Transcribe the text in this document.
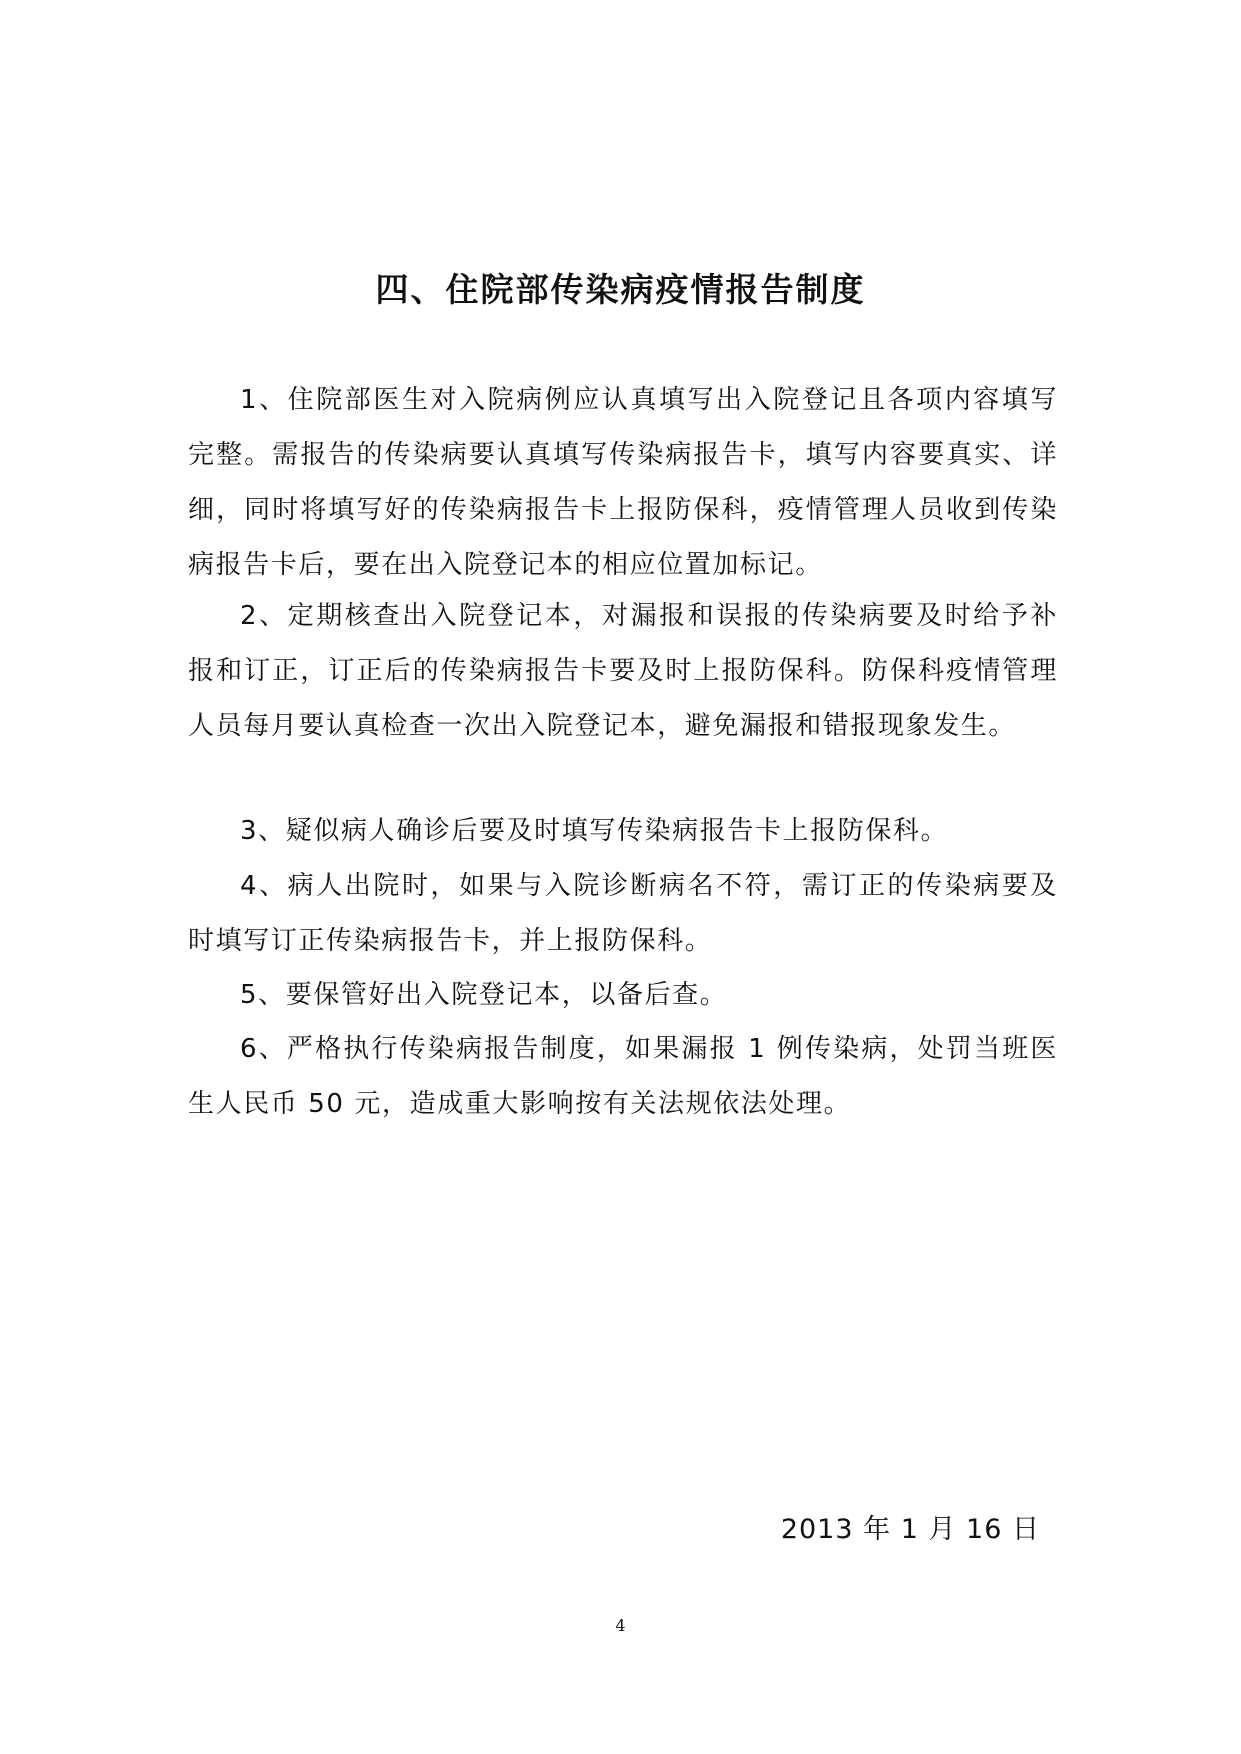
四、住院部传染病疫情报告制度

1、住院部医生对入院病例应认真填写出入院登记且各项内容填写完整。需报告的传染病要认真填写传染病报告卡，填写内容要真实、详细，同时将填写好的传染病报告卡上报防保科，疫情管理人员收到传染病报告卡后，要在出入院登记本的相应位置加标记。

2、定期核查出入院登记本，对漏报和误报的传染病要及时给予补报和订正，订正后的传染病报告卡要及时上报防保科。防保科疫情管理人员每月要认真检查一次出入院登记本，避免漏报和错报现象发生。

3、疑似病人确诊后要及时填写传染病报告卡上报防保科。

4、病人出院时，如果与入院诊断病名不符，需订正的传染病要及时填写订正传染病报告卡，并上报防保科。

5、要保管好出入院登记本，以备后查。

6、严格执行传染病报告制度，如果漏报 1 例传染病，处罚当班医生人民币 50 元，造成重大影响按有关法规依法处理。

2013 年 1 月 16 日
4
